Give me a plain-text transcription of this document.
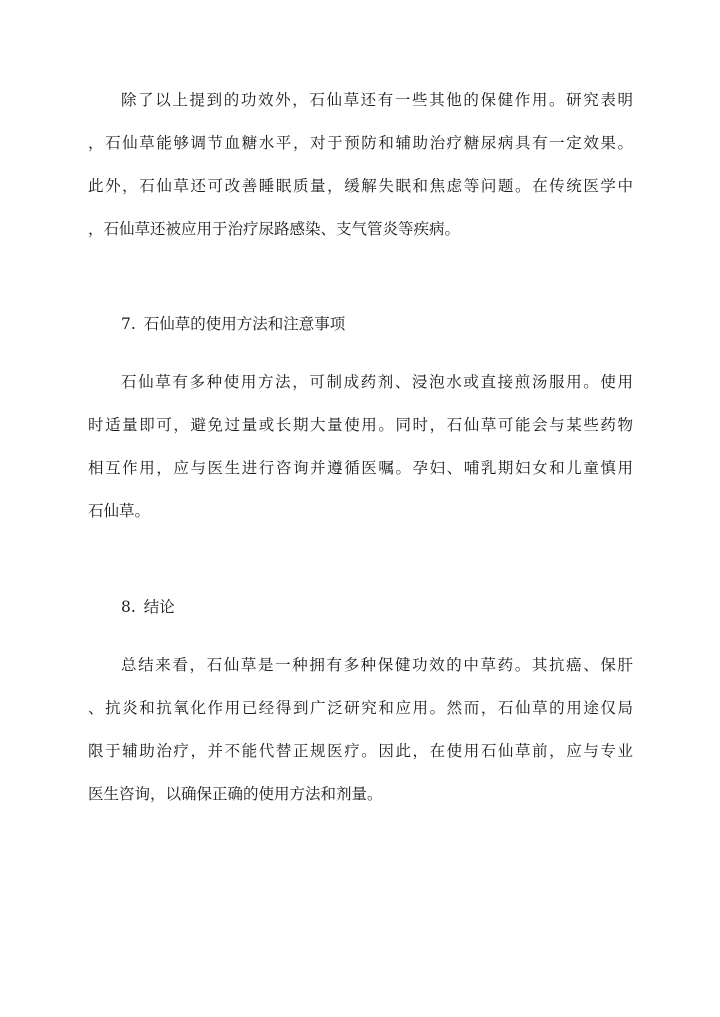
除了以上提到的功效外，石仙草还有一些其他的保健作用。研究表明
，石仙草能够调节血糖水平，对于预防和辅助治疗糖尿病具有一定效果。
此外，石仙草还可改善睡眠质量，缓解失眠和焦虑等问题。在传统医学中
，石仙草还被应用于治疗尿路感染、支气管炎等疾病。
7. 石仙草的使用方法和注意事项
石仙草有多种使用方法，可制成药剂、浸泡水或直接煎汤服用。使用
时适量即可，避免过量或长期大量使用。同时，石仙草可能会与某些药物
相互作用，应与医生进行咨询并遵循医嘱。孕妇、哺乳期妇女和儿童慎用
石仙草。
8. 结论
总结来看，石仙草是一种拥有多种保健功效的中草药。其抗癌、保肝
、抗炎和抗氧化作用已经得到广泛研究和应用。然而，石仙草的用途仅局
限于辅助治疗，并不能代替正规医疗。因此，在使用石仙草前，应与专业
医生咨询，以确保正确的使用方法和剂量。
